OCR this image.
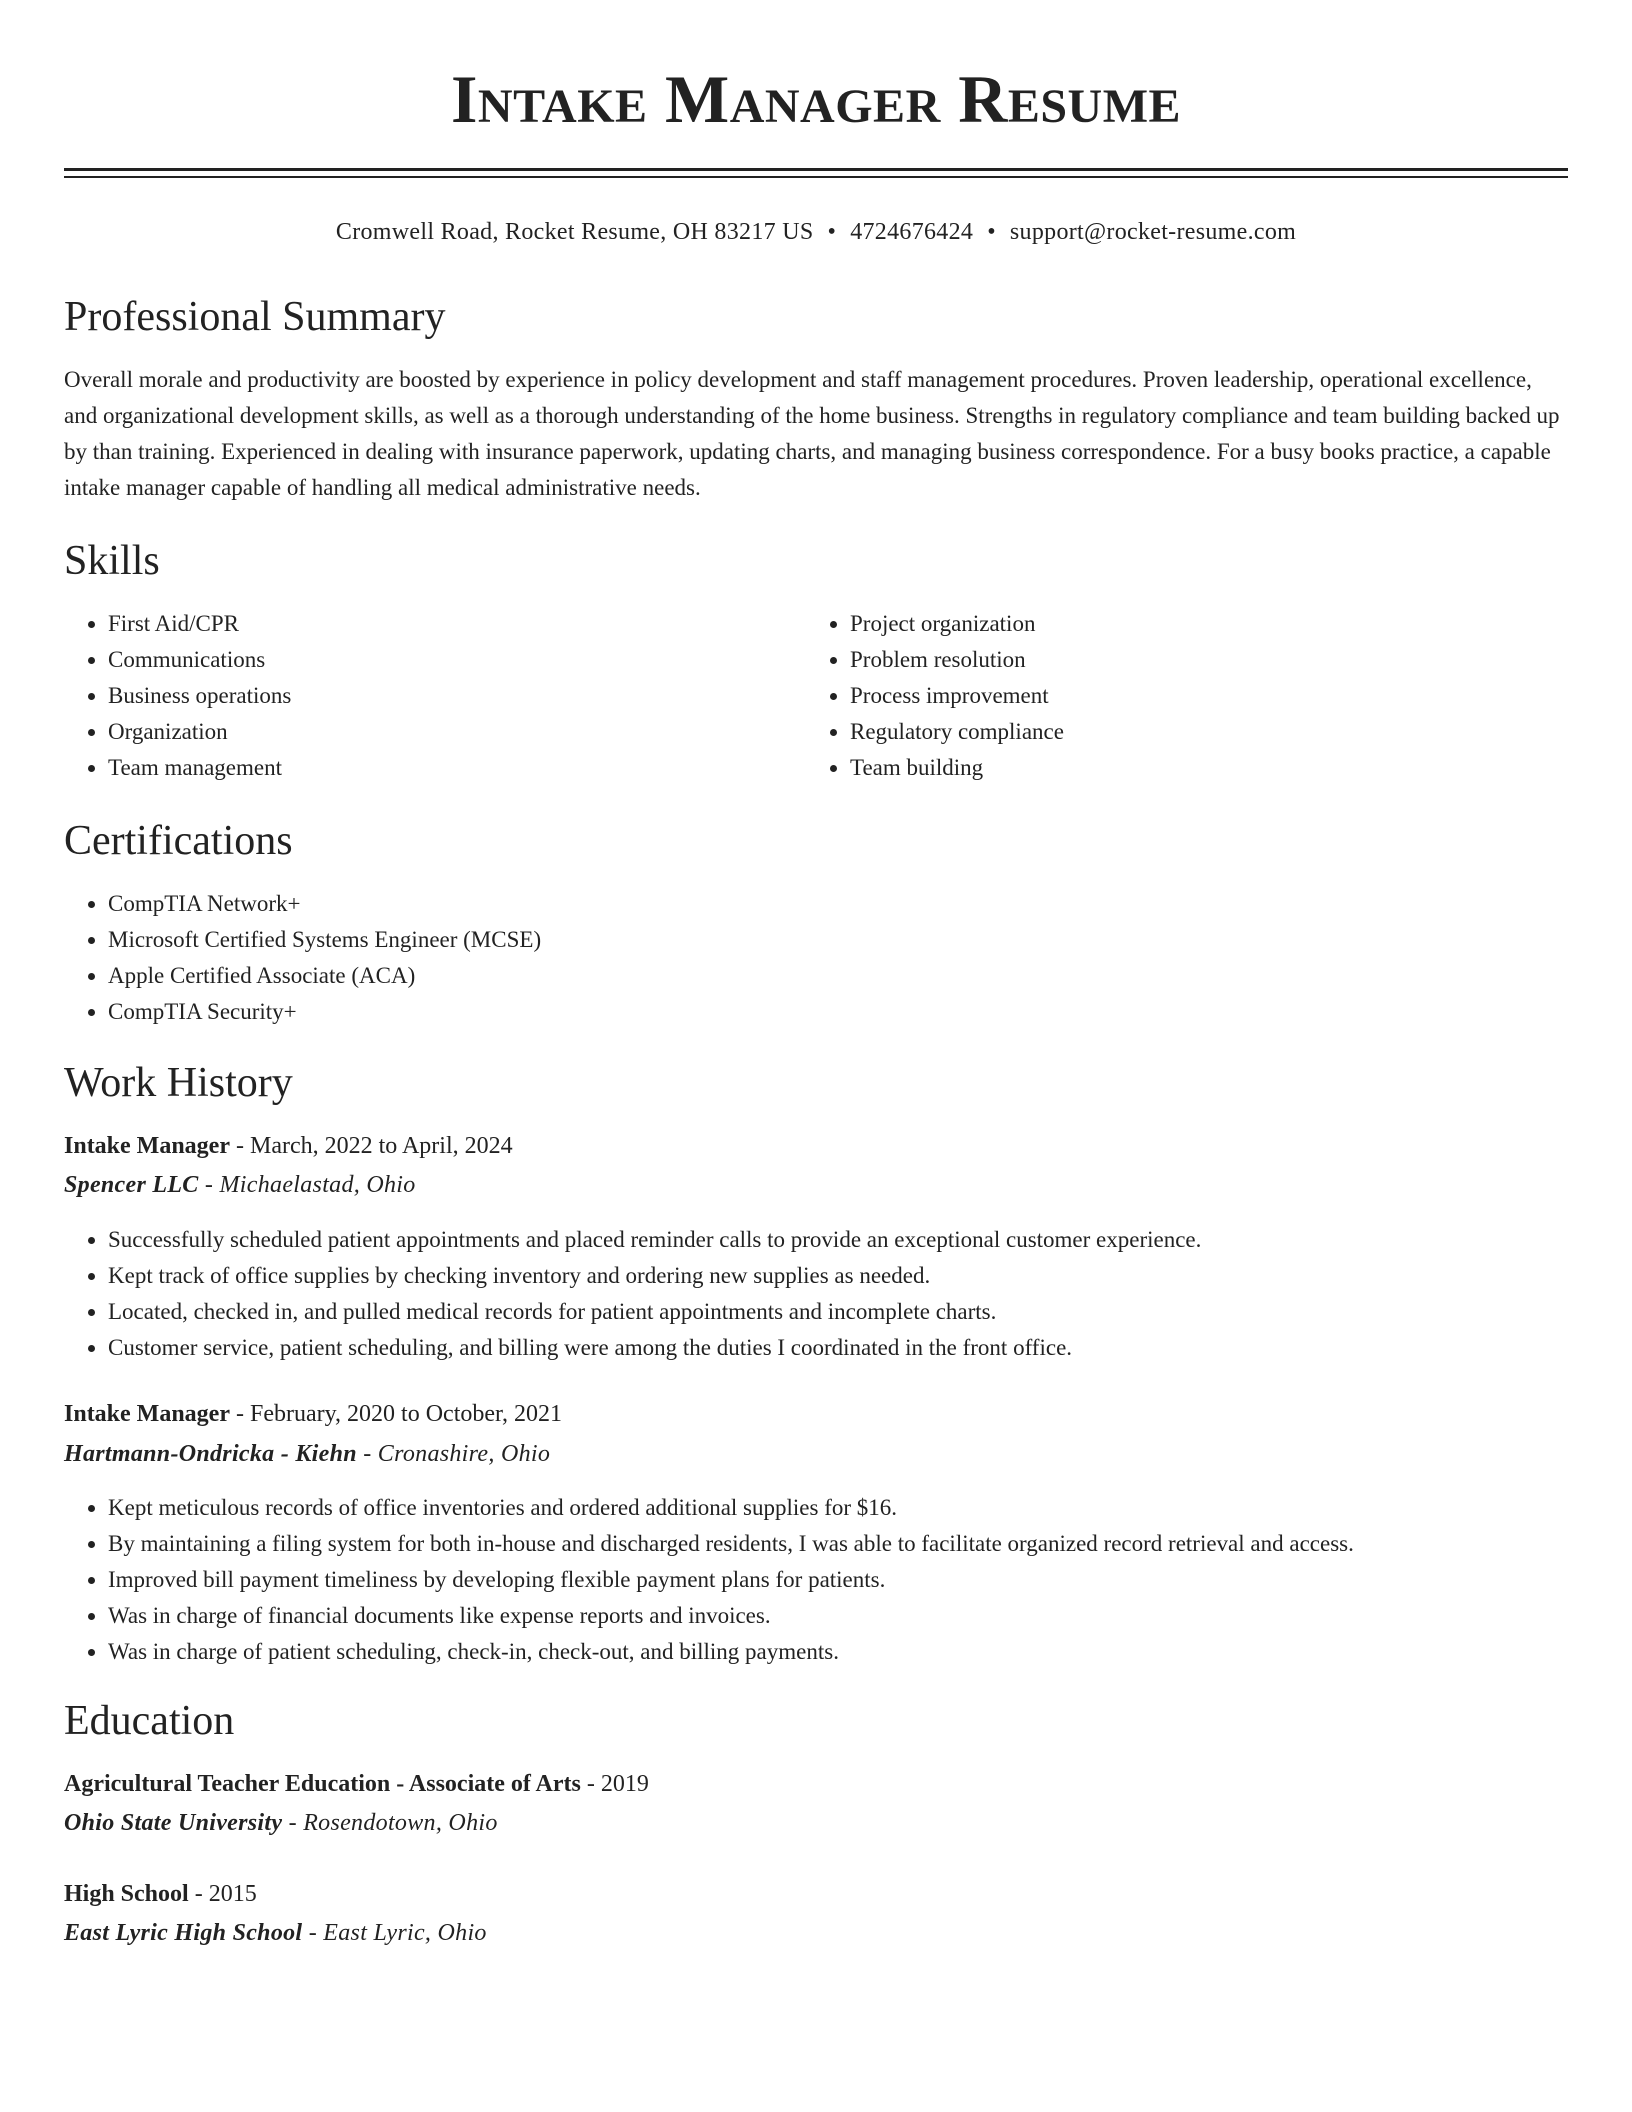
Intake Manager Resume
Cromwell Road, Rocket Resume, OH 83217 US • 4724676424 • support@rocket-resume.com
Professional Summary

Overall morale and productivity are boosted by experience in policy development and staff management procedures. Proven leadership, operational excellence, and organizational development skills, as well as a thorough understanding of the home business. Strengths in regulatory compliance and team building backed up by than training. Experienced in dealing with insurance paperwork, updating charts, and managing business correspondence. For a busy books practice, a capable intake manager capable of handling all medical administrative needs.

Skills
• First Aid/CPR
• Communications
• Business operations
• Organization
• Team management
• Project organization
• Problem resolution
• Process improvement
• Regulatory compliance
• Team building
Certifications
• CompTIA Network+
• Microsoft Certified Systems Engineer (MCSE)
• Apple Certified Associate (ACA)
• CompTIA Security+
Work History
Intake Manager - March, 2022 to April, 2024
Spencer LLC - Michaelastad, Ohio
• Successfully scheduled patient appointments and placed reminder calls to provide an exceptional customer experience.
• Kept track of office supplies by checking inventory and ordering new supplies as needed.
• Located, checked in, and pulled medical records for patient appointments and incomplete charts.
• Customer service, patient scheduling, and billing were among the duties I coordinated in the front office.
Intake Manager - February, 2020 to October, 2021
Hartmann-Ondricka - Kiehn - Cronashire, Ohio
• Kept meticulous records of office inventories and ordered additional supplies for $16.
• By maintaining a filing system for both in-house and discharged residents, I was able to facilitate organized record retrieval and access.
• Improved bill payment timeliness by developing flexible payment plans for patients.
• Was in charge of financial documents like expense reports and invoices.
• Was in charge of patient scheduling, check-in, check-out, and billing payments.
Education
Agricultural Teacher Education - Associate of Arts - 2019
Ohio State University - Rosendotown, Ohio
High School - 2015
East Lyric High School - East Lyric, Ohio
